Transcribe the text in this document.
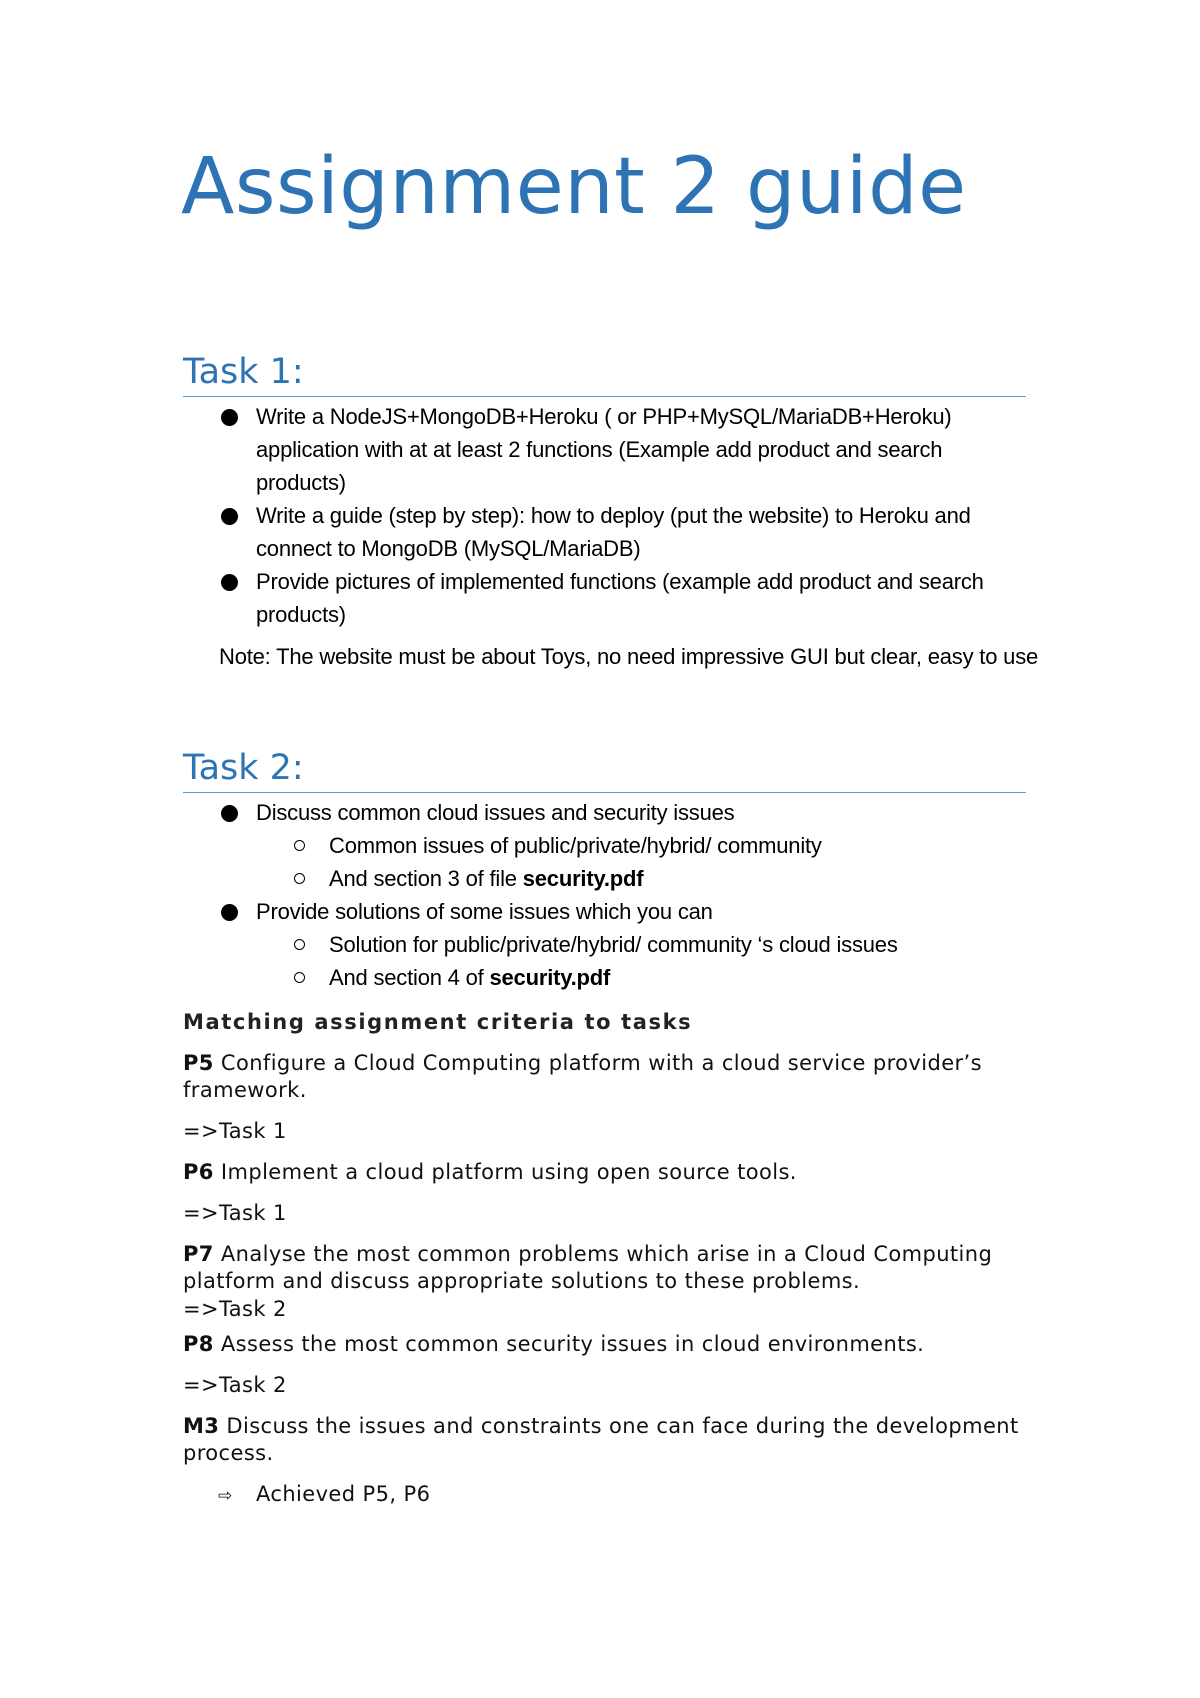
Assignment 2 guide
Task 1:
Write a NodeJS+MongoDB+Heroku ( or PHP+MySQL/MariaDB+Heroku) application with at at least 2 functions (Example add product and search products)
Write a guide (step by step): how to deploy (put the website) to Heroku and connect to MongoDB (MySQL/MariaDB)
Provide pictures of implemented functions (example add product and search products)

Note: The website must be about Toys, no need impressive GUI but clear, easy to use

Task 2:
Discuss common cloud issues and security issues
Common issues of public/private/hybrid/ community
And section 3 of file security.pdf
Provide solutions of some issues which you can
Solution for public/private/hybrid/ community ‘s cloud issues
And section 4 of security.pdf
Matching assignment criteria to tasks

P5 Configure a Cloud Computing platform with a cloud service provider’s framework.

=>Task 1

P6 Implement a cloud platform using open source tools.

=>Task 1

P7 Analyse the most common problems which arise in a Cloud Computing platform and discuss appropriate solutions to these problems.

=>Task 2

P8 Assess the most common security issues in cloud environments.

=>Task 2

M3 Discuss the issues and constraints one can face during the development process.

⇨ Achieved P5, P6
